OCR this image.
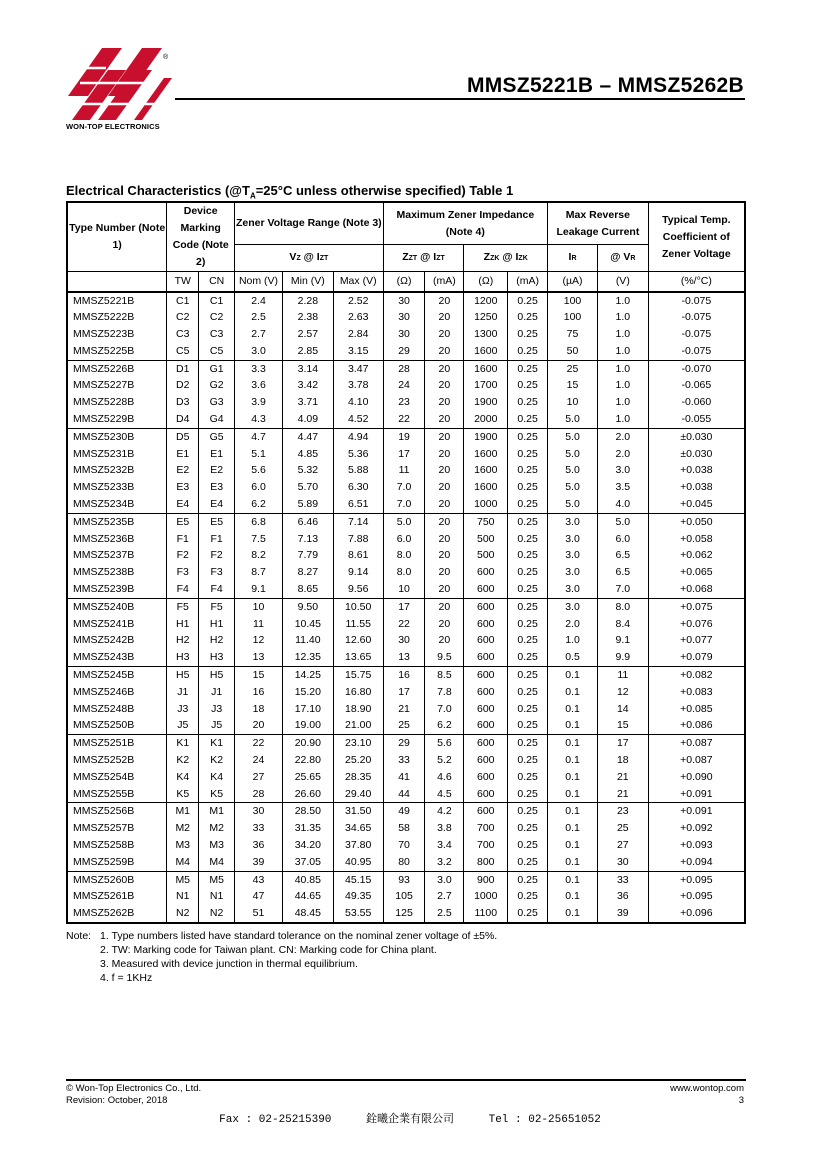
®
WON-TOP ELECTRONICS
MMSZ5221B – MMSZ5262B
Electrical Characteristics ($@T_A=25^\circ C$ unless otherwise specified) Table 1
Type Number (Note 1)	Device Marking Code (Note 2)		Zener Voltage Range (Note 3)			Maximum Zener Impedance (Note 4)				Max Reverse Leakage Current		Typical Temp. Coefficient of Zener Voltage
			VZ @ IZT			ZZT @ IZT		ZZK @ IZK		IR	@ VR	
	TW	CN	Nom (V)	Min (V)	Max (V)	(Ω)	(mA)	(Ω)	(mA)	(µA)	(V)	(%/°C)
MMSZ5221B	C1	C1	2.4	2.28	2.52	30	20	1200	0.25	100	1.0	-0.075
MMSZ5222B	C2	C2	2.5	2.38	2.63	30	20	1250	0.25	100	1.0	-0.075
MMSZ5223B	C3	C3	2.7	2.57	2.84	30	20	1300	0.25	75	1.0	-0.075
MMSZ5225B	C5	C5	3.0	2.85	3.15	29	20	1600	0.25	50	1.0	-0.075
MMSZ5226B	D1	G1	3.3	3.14	3.47	28	20	1600	0.25	25	1.0	-0.070
MMSZ5227B	D2	G2	3.6	3.42	3.78	24	20	1700	0.25	15	1.0	-0.065
MMSZ5228B	D3	G3	3.9	3.71	4.10	23	20	1900	0.25	10	1.0	-0.060
MMSZ5229B	D4	G4	4.3	4.09	4.52	22	20	2000	0.25	5.0	1.0	-0.055
MMSZ5230B	D5	G5	4.7	4.47	4.94	19	20	1900	0.25	5.0	2.0	±0.030
MMSZ5231B	E1	E1	5.1	4.85	5.36	17	20	1600	0.25	5.0	2.0	±0.030
MMSZ5232B	E2	E2	5.6	5.32	5.88	11	20	1600	0.25	5.0	3.0	+0.038
MMSZ5233B	E3	E3	6.0	5.70	6.30	7.0	20	1600	0.25	5.0	3.5	+0.038
MMSZ5234B	E4	E4	6.2	5.89	6.51	7.0	20	1000	0.25	5.0	4.0	+0.045
MMSZ5235B	E5	E5	6.8	6.46	7.14	5.0	20	750	0.25	3.0	5.0	+0.050
MMSZ5236B	F1	F1	7.5	7.13	7.88	6.0	20	500	0.25	3.0	6.0	+0.058
MMSZ5237B	F2	F2	8.2	7.79	8.61	8.0	20	500	0.25	3.0	6.5	+0.062
MMSZ5238B	F3	F3	8.7	8.27	9.14	8.0	20	600	0.25	3.0	6.5	+0.065
MMSZ5239B	F4	F4	9.1	8.65	9.56	10	20	600	0.25	3.0	7.0	+0.068
MMSZ5240B	F5	F5	10	9.50	10.50	17	20	600	0.25	3.0	8.0	+0.075
MMSZ5241B	H1	H1	11	10.45	11.55	22	20	600	0.25	2.0	8.4	+0.076
MMSZ5242B	H2	H2	12	11.40	12.60	30	20	600	0.25	1.0	9.1	+0.077
MMSZ5243B	H3	H3	13	12.35	13.65	13	9.5	600	0.25	0.5	9.9	+0.079
MMSZ5245B	H5	H5	15	14.25	15.75	16	8.5	600	0.25	0.1	11	+0.082
MMSZ5246B	J1	J1	16	15.20	16.80	17	7.8	600	0.25	0.1	12	+0.083
MMSZ5248B	J3	J3	18	17.10	18.90	21	7.0	600	0.25	0.1	14	+0.085
MMSZ5250B	J5	J5	20	19.00	21.00	25	6.2	600	0.25	0.1	15	+0.086
MMSZ5251B	K1	K1	22	20.90	23.10	29	5.6	600	0.25	0.1	17	+0.087
MMSZ5252B	K2	K2	24	22.80	25.20	33	5.2	600	0.25	0.1	18	+0.087
MMSZ5254B	K4	K4	27	25.65	28.35	41	4.6	600	0.25	0.1	21	+0.090
MMSZ5255B	K5	K5	28	26.60	29.40	44	4.5	600	0.25	0.1	21	+0.091
MMSZ5256B	M1	M1	30	28.50	31.50	49	4.2	600	0.25	0.1	23	+0.091
MMSZ5257B	M2	M2	33	31.35	34.65	58	3.8	700	0.25	0.1	25	+0.092
MMSZ5258B	M3	M3	36	34.20	37.80	70	3.4	700	0.25	0.1	27	+0.093
MMSZ5259B	M4	M4	39	37.05	40.95	80	3.2	800	0.25	0.1	30	+0.094
MMSZ5260B	M5	M5	43	40.85	45.15	93	3.0	900	0.25	0.1	33	+0.095
MMSZ5261B	N1	N1	47	44.65	49.35	105	2.7	1000	0.25	0.1	36	+0.095
MMSZ5262B	N2	N2	51	48.45	53.55	125	2.5	1100	0.25	0.1	39	+0.096
Note: 1. Type numbers listed have standard tolerance on the nominal zener voltage of ±5%.
2. TW: Marking code for Taiwan plant. CN: Marking code for China plant.
3. Measured with device junction in thermal equilibrium.
4. f = 1KHz
© Won-Top Electronics Co., Ltd.
Revision: October, 2018
www.wontop.com
3
Fax : 02-25215390	銓曦企業有限公司	Tel : 02-25651052
